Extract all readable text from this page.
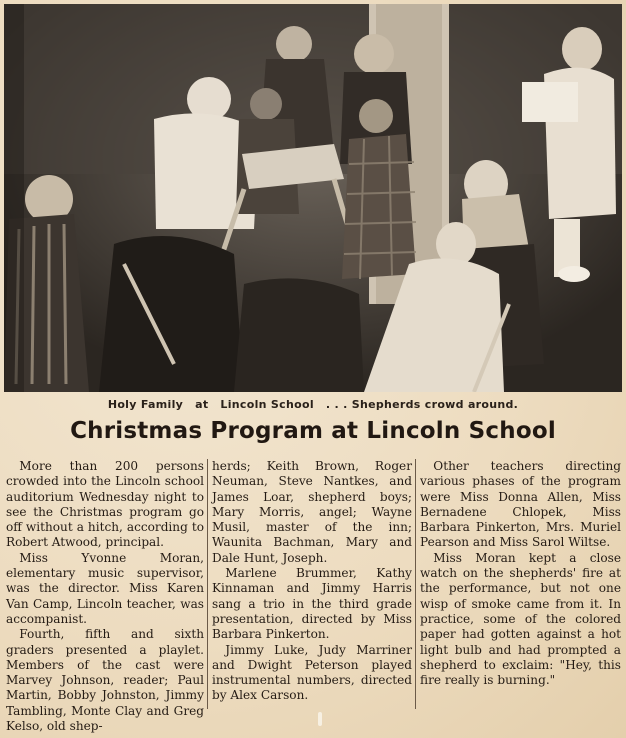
Holy Family at Lincoln School . . . Shepherds crowd around.
Christmas Program at Lincoln School

More than 200 persons crowded into the Lincoln school auditorium Wednesday night to see the Christmas program go off without a hitch, according to Robert Atwood, principal.

Miss Yvonne Moran, elementary music supervisor, was the director. Miss Karen Van Camp, Lincoln teacher, was accompanist.

Fourth, fifth and sixth graders presented a playlet. Members of the cast were Marvey Johnson, reader; Paul Martin, Bobby Johnston, Jimmy Tambling, Monte Clay and Greg Kelso, old shep-

herds; Keith Brown, Roger Neuman, Steve Nantkes, and James Loar, shepherd boys; Mary Morris, angel; Wayne Musil, master of the inn; Waunita Bachman, Mary and Dale Hunt, Joseph.

Marlene Brummer, Kathy Kinnaman and Jimmy Harris sang a trio in the third grade presentation, directed by Miss Barbara Pinkerton.

Jimmy Luke, Judy Marriner and Dwight Peterson played instrumental numbers, directed by Alex Carson.

Other teachers directing various phases of the program were Miss Donna Allen, Miss Bernadene Chlopek, Miss Barbara Pinkerton, Mrs. Muriel Pearson and Miss Sarol Wiltse.

Miss Moran kept a close watch on the shepherds' fire at the performance, but not one wisp of smoke came from it. In practice, some of the colored paper had gotten against a hot light bulb and had prompted a shepherd to exclaim: "Hey, this fire really is burning."
